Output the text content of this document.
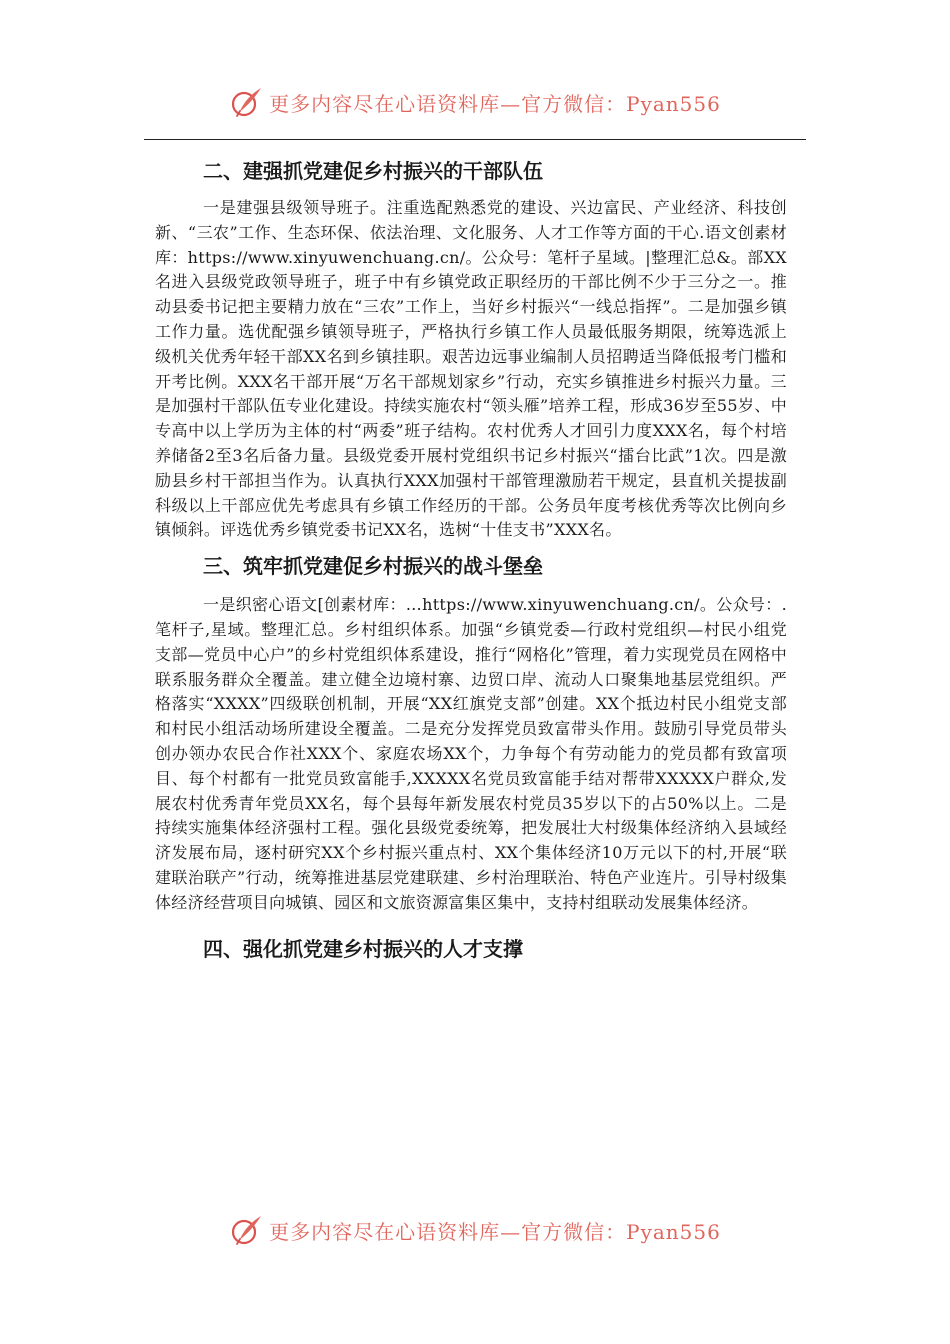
更多内容尽在心语资料库—官方微信：Pyan556
二、建强抓党建促乡村振兴的干部队伍

一是建强县级领导班子。注重选配熟悉党的建设、兴边富民、产业经济、科技创新、“三农”工作、生态环保、依法治理、文化服务、人才工作等方面的干心.语文创素材库：https://www.xinyuwenchuang.cn/。公众号：笔杆子星域。|整理汇总&。部XX名进入县级党政领导班子，班子中有乡镇党政正职经历的干部比例不少于三分之一。推动县委书记把主要精力放在“三农”工作上，当好乡村振兴“一线总指挥”。二是加强乡镇工作力量。选优配强乡镇领导班子，严格执行乡镇工作人员最低服务期限，统筹选派上级机关优秀年轻干部XX名到乡镇挂职。艰苦边远事业编制人员招聘适当降低报考门槛和开考比例。XXX名干部开展“万名干部规划家乡”行动，充实乡镇推进乡村振兴力量。三是加强村干部队伍专业化建设。持续实施农村“领头雁”培养工程，形成36岁至55岁、中专高中以上学历为主体的村“两委”班子结构。农村优秀人才回引力度XXX名，每个村培养储备2至3名后备力量。县级党委开展村党组织书记乡村振兴“擂台比武”1次。四是激励县乡村干部担当作为。认真执行XXX加强村干部管理激励若干规定，县直机关提拔副科级以上干部应优先考虑具有乡镇工作经历的干部。公务员年度考核优秀等次比例向乡镇倾斜。评选优秀乡镇党委书记XX名，选树“十佳支书”XXX名。

三、筑牢抓党建促乡村振兴的战斗堡垒

一是织密心语文[创素材库：…https://www.xinyuwenchuang.cn/。公众号：.笔杆子,星域。整理汇总。乡村组织体系。加强“乡镇党委—行政村党组织—村民小组党支部—党员中心户”的乡村党组织体系建设，推行“网格化”管理，着力实现党员在网格中联系服务群众全覆盖。建立健全边境村寨、边贸口岸、流动人口聚集地基层党组织。严格落实“XXXX”四级联创机制，开展“XX红旗党支部”创建。XX个抵边村民小组党支部和村民小组活动场所建设全覆盖。二是充分发挥党员致富带头作用。鼓励引导党员带头创办领办农民合作社XXX个、家庭农场XX个，力争每个有劳动能力的党员都有致富项目、每个村都有一批党员致富能手,XXXXX名党员致富能手结对帮带XXXXX户群众,发展农村优秀青年党员XX名，每个县每年新发展农村党员35岁以下的占50%以上。二是持续实施集体经济强村工程。强化县级党委统筹，把发展壮大村级集体经济纳入县域经济发展布局，逐村研究XX个乡村振兴重点村、XX个集体经济10万元以下的村,开展“联建联治联产”行动，统筹推进基层党建联建、乡村治理联治、特色产业连片。引导村级集体经济经营项目向城镇、园区和文旅资源富集区集中，支持村组联动发展集体经济。

四、强化抓党建乡村振兴的人才支撑
更多内容尽在心语资料库—官方微信：Pyan556
